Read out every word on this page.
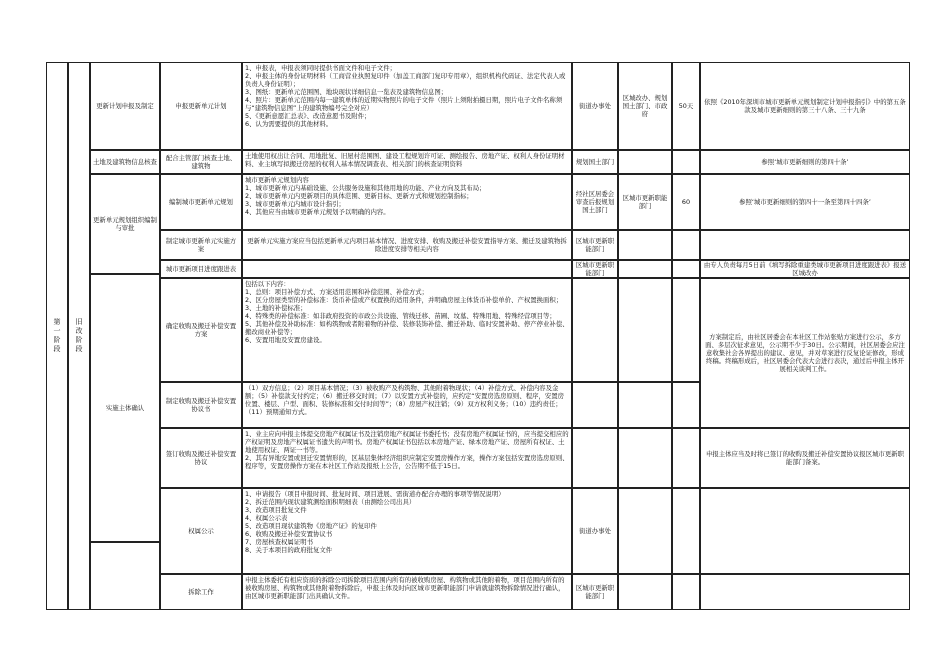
第一阶段 旧改阶段
更新计划申报及制定
土地及建筑物信息核查
更新单元规划组织编制与审批
实施主体确认
申报更新单元计划
配合主管部门核查土地、建筑物
编制城市更新单元规划
制定城市更新单元实施方案
城市更新项目进度跟进表
确定收购及搬迁补偿安置方案
制定收购及搬迁补偿安置协议书
签订收购及搬迁补偿安置协议
权属公示
拆除工作
1、申报表，申报表须同时提供书面文件和电子文件；
2、申报主体的身份证明材料（工商营业执照复印件（加盖工商部门复印专用章），组织机构代码证、法定代表人或负责人身份证明）；
3、图纸：更新单元范围图、地块现状详细信息一览表及建筑物信息图；
4、照片：更新单元范围内每一建筑单体的近期实物照片的电子文件（照片上须附拍摄日期，照片电子文件名称须与“建筑物信息图”上的建筑物编号完全对应）
5、《更新意愿汇总表》、改造意愿书及附件；
6、认为需要提供的其他材料。
土地使用权出让合同、用地批复、旧屋村范围图、建设工程规划许可证、测绘报告、房地产证、权利人身份证明材料、业主填写拟搬迁房屋的权利人基本情况调查表、相关部门的核查证明资料
城市更新单元规划内容
1、城市更新单元内基础设施、公共服务设施和其他用地的功能、产业方向及其布局；
2、城市更新单元内更新项目的具体范围、更新目标、更新方式和规划控制指标；
3、城市更新单元内城市设计指引；
4、其他应当由城市更新单元规划予以明确的内容。
更新单元实施方案应当包括更新单元内项目基本情况、进度安排、收购及搬迁补偿安置指导方案、搬迁及建筑物拆除进度安排等相关内容
包括以下内容：
1、总则：项目补偿方式、方案适用范围和补偿范围、补偿方式；
2、区分房屋类型的补偿标准：货币补偿或产权置换的适用条件，并明确房屋主体货币补偿单价、产权置换面积；
3、土地的补偿标准；
4、特殊类的补偿标准：如非政府投资的市政公共设施、管线迁移、苗圃、坟墓、特殊用地、特殊经营项目等；
5、其他补偿及补助标准：如构筑物或者附着物的补偿、装修装饰补偿、搬迁补助、临时安置补助、停产停业补偿、搬改商业补偿等；
6、安置用地及安置房建设。
（1）双方信息；（2）项目基本情况；（3）被收购产及构筑物、其他附着物现状；（4）补偿方式、补偿内容及金额；（5）补偿款支付约定；（6）搬迁移交时间；（7）以安置方式补偿的，应约定“安置房选房原则、程序，安置房位置、楼层、户型、面积、装修标准和交付时间等”；（8）房屋产权注销；（9）双方权利义务；（10）违约责任；（11）预期通知方式。
1、业主应向申报主体提交房地产权属证书及注销房地产权属证书委托书；没有房地产权属证书的，应当提交相应的产权证明及房地产权属证书遗失的声明书。房地产权属证书包括以本房地产证、绿本房地产证、房屋所有权证、土地使用权证、两证一书等。
2、其有异地安置或回迁安置情形的，区基层集体经济组织应制定安置房操作方案，操作方案包括安置房选房原则、程序等，安置房操作方案在本社区工作站及报纸上公告，公告期不低于15日。
1、申请报告（项目申报时间、批复时间、项目进展、需街道办配合办理的事项等情况说明）
2、拆迁范围内现状建筑测绘面积明细表（由测绘公司出具）
3、改造项目批复文件
4、权属公示表
5、改造项目现状建筑物《房地产证》的复印件
6、收购及搬迁补偿安置协议书
7、房屋核查权属证明书
8、关于本项目的政府批复文件
申报主体委托有相应资质的拆除公司拆除项目范围内所有的被收购房屋、构筑物或其他附着物，项目范围内所有的被收购房屋、构筑物或其他附着物拆除后，申报主体及时向区城市更新职能部门申请就建筑物拆除情况进行确认，由区城市更新职能部门出具确认文件。
街道办事处
规划国土部门
经社区居委会审查后报规划国土部门
区城市更新职能部门
区城市更新职能部门
街道办事处
区城市更新职能部门
区城改办、规划国土部门、市政府
区城市更新职能部门
50天
60
依照《2010年深圳市城市更新单元规划制定计划申报指引》中的第五条款及城市更新细则的第三十八条、三十九条
参照‘城市更新细则的第四十条’
参照‘城市更新细则的第四十一条至第四十四条’
由专人负责每月5日前《填写拆除重建类城市更新项目进度跟进表》报送区城改办
方案制定后，由社区居委会在本社区工作站张贴方案进行公示，多方面、多层次征求意见，公示期不少于30日。公示期间，社区居委会应注意收集社会各界提出的建议、意见，并对草案进行反复论证修改，形成终稿。终稿形成后，社区居委会代表大会进行表决，通过后申报主体开展相关谈判工作。
申报主体应当及时将已签订的收购及搬迁补偿安置协议报区城市更新职能部门备案。
